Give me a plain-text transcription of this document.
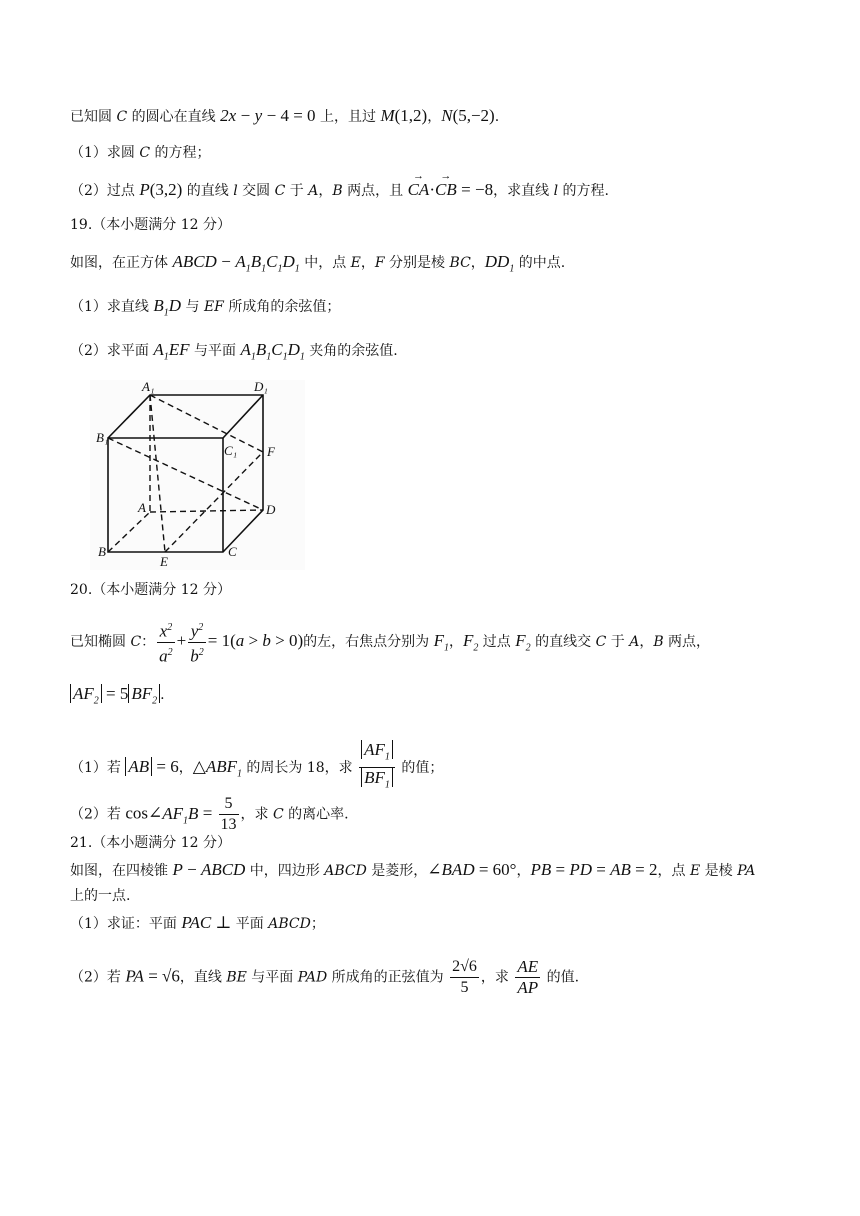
已知圆 C 的圆心在直线 2x − y − 4 = 0 上，且过 M(1,2)，N(5,−2).
（1）求圆 C 的方程；
（2）过点 P(3,2) 的直线 l 交圆 C 于 A，B 两点，且 → CA·→ CB = −8，求直线 l 的方程.
19.（本小题满分 12 分）
如图，在正方体 ABCD − $A_1B_1C_1D_1$ 中，点 E，F 分别是棱 BC，$DD_1$ 的中点.
（1）求直线 $B_1D$ 与 EF 所成角的余弦值；
（2）求平面 $A_1EF$ 与平面 $A_1B_1C_1D_1$ 夹角的余弦值.
A₁	D₁
B₁
C₁ F
A	D
B	C
E
20.（本小题满分 12 分）
已知椭圆 C： $\frac{x^2}{a^2} + \frac{y^2}{b^2} = 1(a > b > 0)$的左，右焦点分别为 $F_1$，$F_2$ 过点 $F_2$ 的直线交 C 于 A，B 两点，
$AF_2 = 5$ $BF_2$ .
（1）若 AB = 6，$\triangle ABF_1$ 的周长为 18，求 $\frac{AF_1}{BF_1}$ 的值；
（2）若 $\cos\angle AF_1B = \frac{5}{13}$ ，求 C 的离心率.
21.（本小题满分 12 分）
如图，在四棱锥 P − ABCD 中，四边形 ABCD 是菱形，∠BAD = 60°，PB = PD = AB = 2，点 E 是棱 PA
上的一点.
（1）求证：平面 PAC ⊥ 平面 ABCD；
（2）若 PA = √6，直线 BE 与平面 PAD 所成角的正弦值为 $\frac{2√6}{5}$ ，求 $\frac{AE}{AP}$ 的值.
